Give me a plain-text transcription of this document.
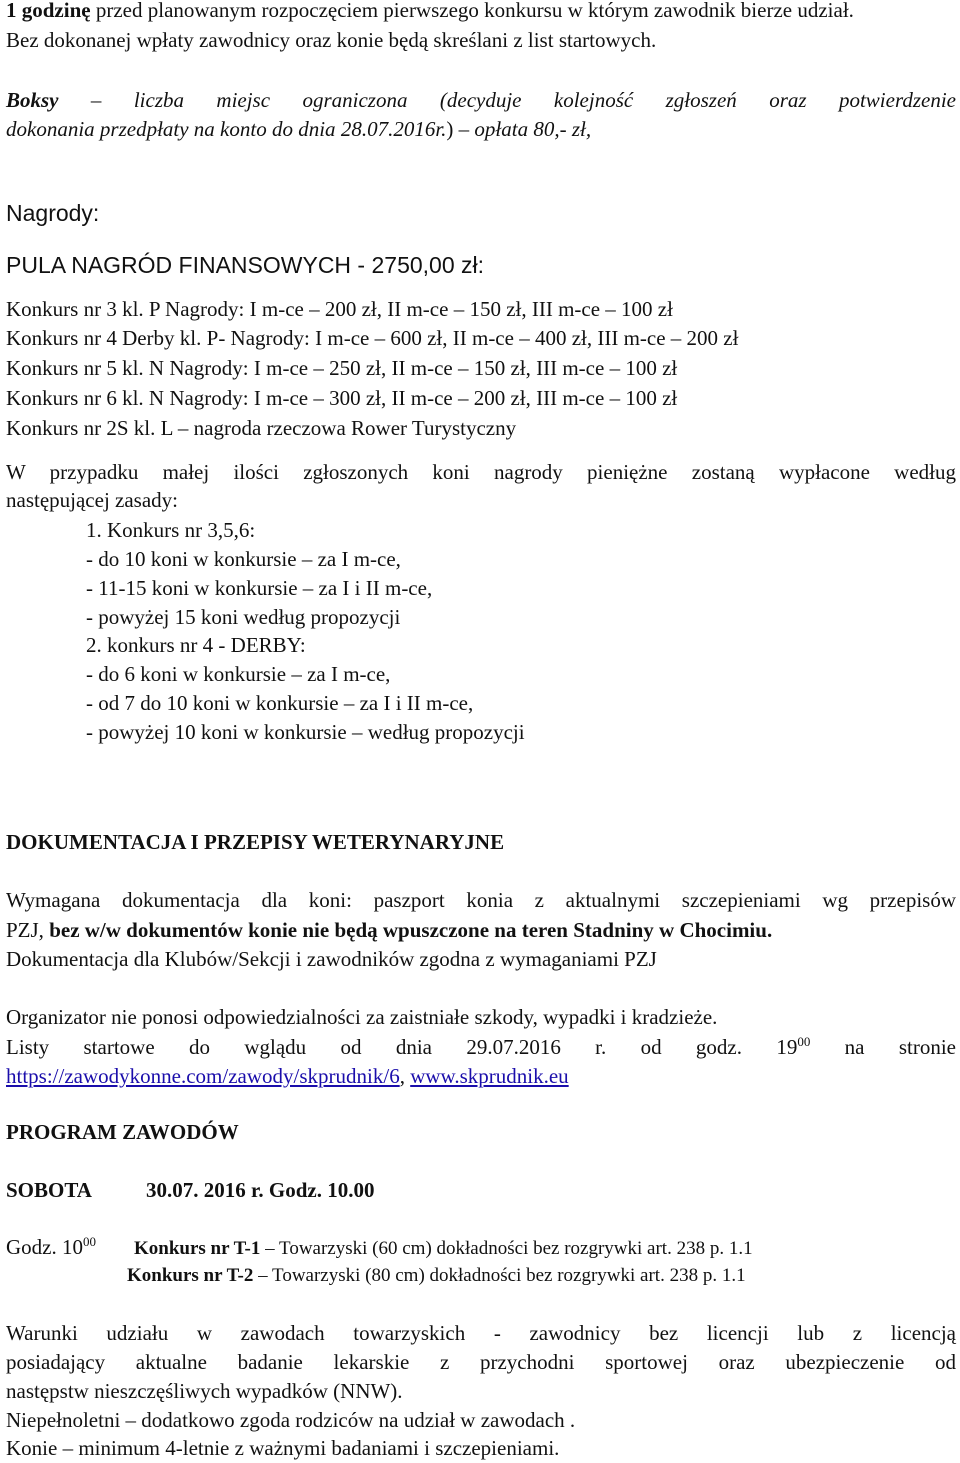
1 godzinę przed planowanym rozpoczęciem pierwszego konkursu w którym zawodnik bierze udział.
Bez dokonanej wpłaty zawodnicy oraz konie będą skreślani z list startowych.
Boksy – liczba miejsc ograniczona (decyduje kolejność zgłoszeń oraz potwierdzenie
dokonania przedpłaty na konto do dnia 28.07.2016r.) – opłata 80,- zł,
Nagrody:
PULA NAGRÓD FINANSOWYCH - 2750,00 zł:
Konkurs nr 3 kl. P Nagrody: I m-ce – 200 zł, II m-ce – 150 zł, III m-ce – 100 zł
Konkurs nr 4 Derby kl. P- Nagrody: I m-ce – 600 zł, II m-ce – 400 zł, III m-ce – 200 zł
Konkurs nr 5 kl. N Nagrody: I m-ce – 250 zł, II m-ce – 150 zł, III m-ce – 100 zł
Konkurs nr 6 kl. N Nagrody: I m-ce – 300 zł, II m-ce – 200 zł, III m-ce – 100 zł
Konkurs nr 2S kl. L – nagroda rzeczowa Rower Turystyczny
W przypadku małej ilości zgłoszonych koni nagrody pieniężne zostaną wypłacone według
następującej zasady:
1. Konkurs nr 3,5,6:
- do 10 koni w konkursie – za I m-ce,
- 11-15 koni w konkursie – za I i II m-ce,
- powyżej 15 koni według propozycji
2. konkurs nr 4 - DERBY:
- do 6 koni w konkursie – za I m-ce,
- od 7 do 10 koni w konkursie – za I i II m-ce,
- powyżej 10 koni w konkursie – według propozycji
DOKUMENTACJA I PRZEPISY WETERYNARYJNE
Wymagana dokumentacja dla koni: paszport konia z aktualnymi szczepieniami wg przepisów
PZJ, bez w/w dokumentów konie nie będą wpuszczone na teren Stadniny w Chocimiu.
Dokumentacja dla Klubów/Sekcji i zawodników zgodna z wymaganiami PZJ
Organizator nie ponosi odpowiedzialności za zaistniałe szkody, wypadki i kradzieże.
Listy startowe do wglądu od dnia 29.07.2016 r. od godz. $19^{00}$ na stronie
https://zawodykonne.com/zawody/skprudnik/6, www.skprudnik.eu
PROGRAM ZAWODÓW
SOBOTA	30.07. 2016 r. Godz. 10.00
Godz. $10^{00}$ Konkurs nr T-1 – Towarzyski (60 cm) dokładności bez rozgrywki art. 238 p. 1.1
Konkurs nr T-2 – Towarzyski (80 cm) dokładności bez rozgrywki art. 238 p. 1.1
Warunki udziału w zawodach towarzyskich - zawodnicy bez licencji lub z licencją
posiadający aktualne badanie lekarskie z przychodni sportowej oraz ubezpieczenie od
następstw nieszczęśliwych wypadków (NNW).
Niepełnoletni – dodatkowo zgoda rodziców na udział w zawodach .
Konie – minimum 4-letnie z ważnymi badaniami i szczepieniami.
